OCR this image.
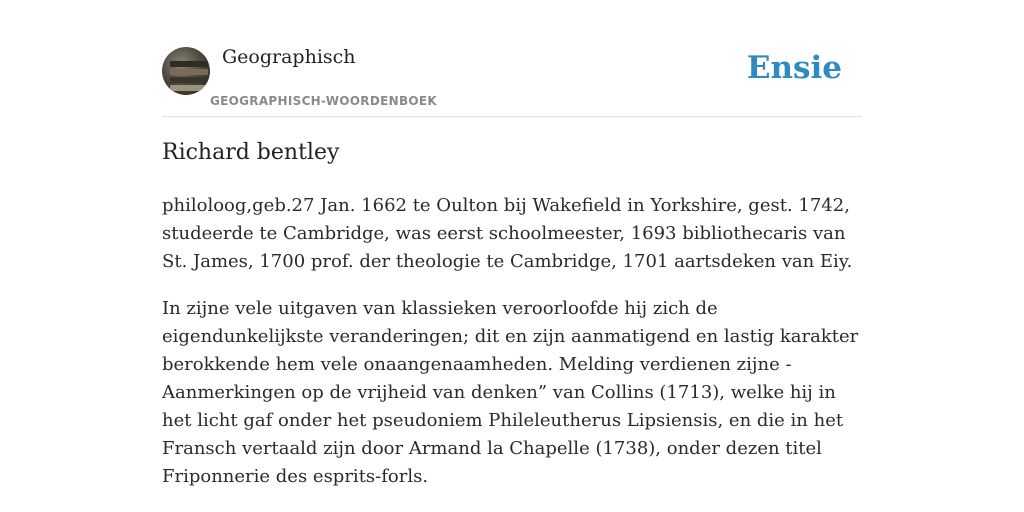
Geographisch
GEOGRAPHISCH-WOORDENBOEK
Ensie
Richard bentley

philoloog,geb.27 Jan. 1662 te Oulton bij Wakefield in Yorkshire, gest. 1742, studeerde te Cambridge, was eerst schoolmeester, 1693 bibliothecaris van St. James, 1700 prof. der theologie te Cambridge, 1701 aartsdeken van Eiy.

In zijne vele uitgaven van klassieken veroorloofde hij zich de eigendunkelijkste veranderingen; dit en zijn aanmatigend en lastig karakter berokkende hem vele onaangenaamheden. Melding verdienen zijne -Aanmerkingen op de vrijheid van denken” van Collins (1713), welke hij in het licht gaf onder het pseudoniem Phileleutherus Lipsiensis, en die in het Fransch vertaald zijn door Armand la Chapelle (1738), onder dezen titel Friponnerie des esprits-forls.
